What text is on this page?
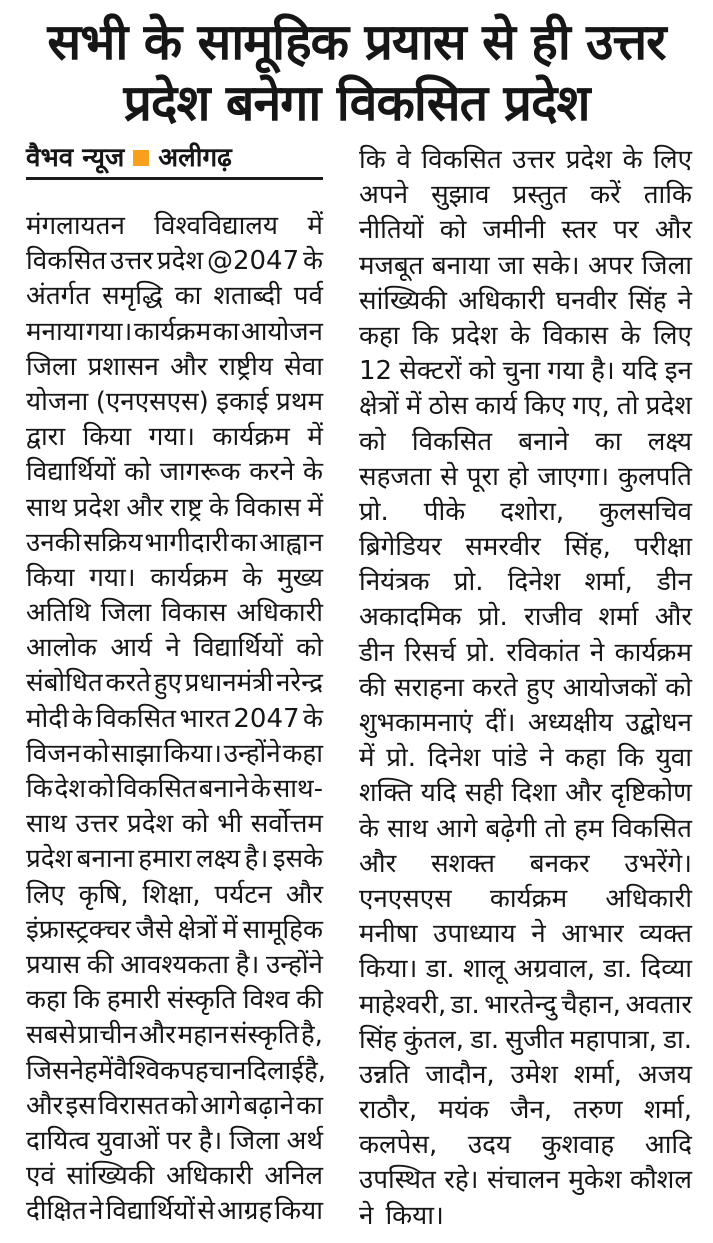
सभी के सामूहिक प्रयास से ही उत्तर
प्रदेश बनेगा विकसित प्रदेश
वैभव न्यूज अलीगढ़
मंगलायतन विश्वविद्यालय में
विकसित उत्तर प्रदेश @2047 के
अंतर्गत समृद्धि का शताब्दी पर्व
मनाया गया। कार्यक्रम का आयोजन
जिला प्रशासन और राष्ट्रीय सेवा
योजना (एनएसएस) इकाई प्रथम
द्वारा किया गया। कार्यक्रम में
विद्यार्थियों को जागरूक करने के
साथ प्रदेश और राष्ट्र के विकास में
उनकी सक्रिय भागीदारी का आह्वान
किया गया। कार्यक्रम के मुख्य
अतिथि जिला विकास अधिकारी
आलोक आर्य ने विद्यार्थियों को
संबोधित करते हुए प्रधानमंत्री नरेन्द्र
मोदी के विकसित भारत 2047 के
विजन को साझा किया। उन्होंने कहा
कि देश को विकसित बनाने के साथ-
साथ उत्तर प्रदेश को भी सर्वोत्तम
प्रदेश बनाना हमारा लक्ष्य है। इसके
लिए कृषि, शिक्षा, पर्यटन और
इंफ्रास्ट्रक्चर जैसे क्षेत्रों में सामूहिक
प्रयास की आवश्यकता है। उन्होंने
कहा कि हमारी संस्कृति विश्व की
सबसे प्राचीन और महान संस्कृति है,
जिसने हमें वैश्विक पहचान दिलाई है,
और इस विरासत को आगे बढ़ाने का
दायित्व युवाओं पर है। जिला अर्थ
एवं सांख्यिकी अधिकारी अनिल
दीक्षित ने विद्यार्थियों से आग्रह किया
कि वे विकसित उत्तर प्रदेश के लिए
अपने सुझाव प्रस्तुत करें ताकि
नीतियों को जमीनी स्तर पर और
मजबूत बनाया जा सके। अपर जिला
सांख्यिकी अधिकारी घनवीर सिंह ने
कहा कि प्रदेश के विकास के लिए
12 सेक्टरों को चुना गया है। यदि इन
क्षेत्रों में ठोस कार्य किए गए, तो प्रदेश
को विकसित बनाने का लक्ष्य
सहजता से पूरा हो जाएगा। कुलपति
प्रो. पीके दशोरा, कुलसचिव
ब्रिगेडियर समरवीर सिंह, परीक्षा
नियंत्रक प्रो. दिनेश शर्मा, डीन
अकादमिक प्रो. राजीव शर्मा और
डीन रिसर्च प्रो. रविकांत ने कार्यक्रम
की सराहना करते हुए आयोजकों को
शुभकामनाएं दीं। अध्यक्षीय उद्बोधन
में प्रो. दिनेश पांडे ने कहा कि युवा
शक्ति यदि सही दिशा और दृष्टिकोण
के साथ आगे बढ़ेगी तो हम विकसित
और सशक्त बनकर उभरेंगे।
एनएसएस कार्यक्रम अधिकारी
मनीषा उपाध्याय ने आभार व्यक्त
किया। डा. शालू अग्रवाल, डा. दिव्या
माहेश्वरी, डा. भारतेन्दु चैहान, अवतार
सिंह कुंतल, डा. सुजीत महापात्रा, डा.
उन्नति जादौन, उमेश शर्मा, अजय
राठौर, मयंक जैन, तरुण शर्मा,
कलपेस, उदय कुशवाह आदि
उपस्थित रहे। संचालन मुकेश कौशल
ने किया।
